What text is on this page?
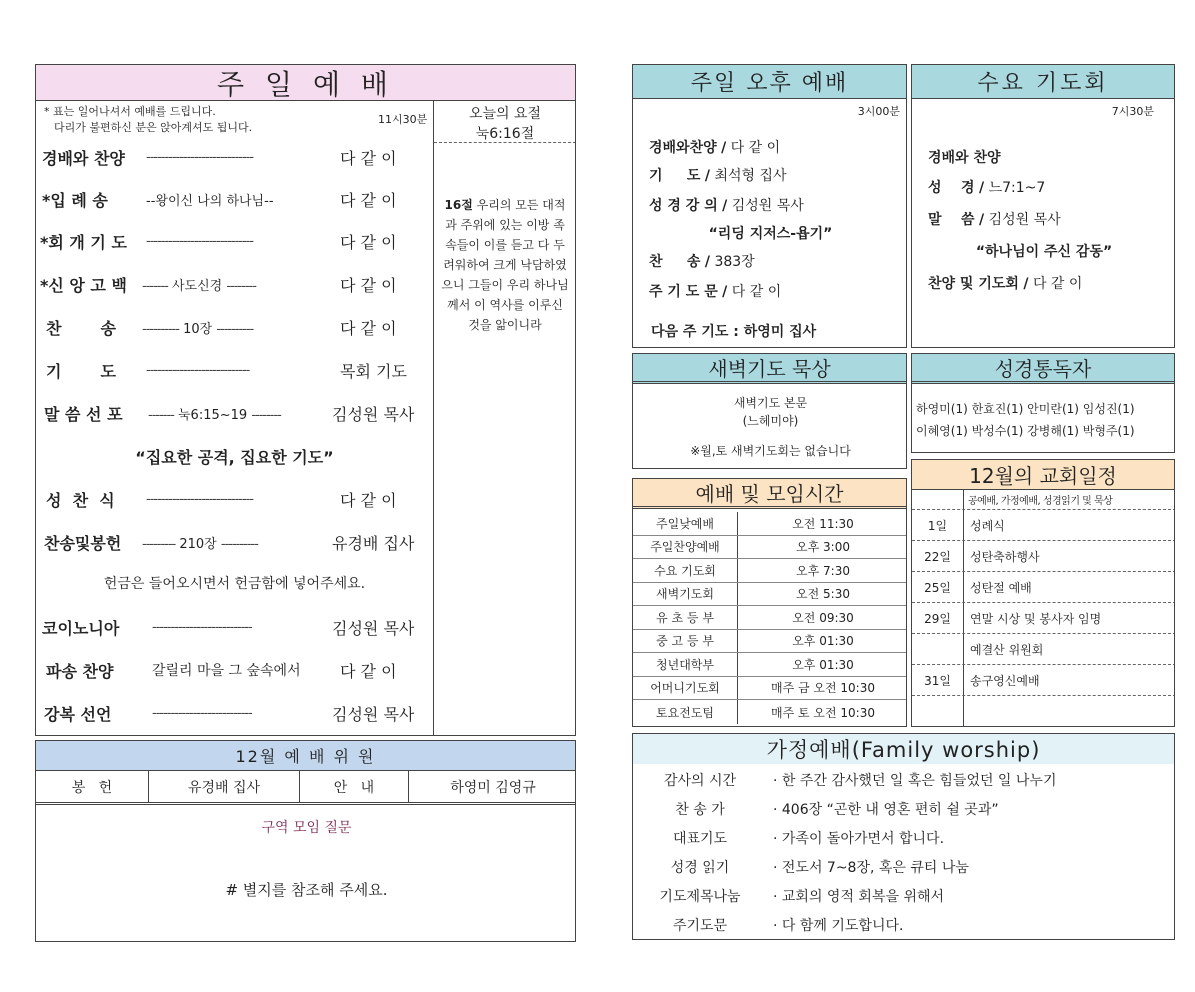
주 일 예 배
* 표는 일어나셔서 예배를 드립니다.
다리가 불편하신 분은 앉아계셔도 됩니다.
11시30분	오늘의 요절
눅6:16절
16절 우리의 모든 대적과 주위에 있는 이방 족속들이 이를 듣고 다 두려워하여 크게 낙담하였으니 그들이 우리 하나님께서 이 역사를 이루신 것을 앎이니라
경배와 찬양 -----------------------------	다 같 이
*입 례 송	--왕이신 나의 하나님--	다 같 이
*회 개 기 도 -----------------------------	다 같 이
*신 앙 고 백 ------- 사도신경 --------	다 같 이
찬       송 ---------- 10장 ----------	다 같 이
기       도 ----------------------------	목회 기도
말 씀 선 포 ------- 눅6:15~19 --------	김성원 목사
“집요한 공격, 집요한 기도”
성  찬  식 -----------------------------	다 같 이
찬송및봉헌 --------- 210장 ----------	유경배 집사
헌금은 들어오시면서 헌금함에 넣어주세요.
코이노니아	---------------------------	김성원 목사
파송 찬양	갈릴리 마을 그 숲속에서 다 같 이
강복 선언	---------------------------	김성원 목사
12월 예 배 위 원
봉   헌	유경배 집사	안   내	하영미 김영규
구역 모임 질문
# 별지를 참조해 주세요.
주일 오후 예배
3시00분
경배와찬양 / 다 같 이
기     도 / 최석형 집사
성 경 강 의 / 김성원 목사
“리딩 지저스-욥기”
찬     송 / 383장
주 기 도 문 / 다 같 이
다음 주 기도 : 하영미 집사
수요 기도회
7시30분
경배와 찬양
성    경 / 느7:1~7
말    씀 / 김성원 목사
“하나님이 주신 감동”
찬양 및 기도회 / 다 같 이
새벽기도 묵상
새벽기도 본문
(느헤미야)
※월,토 새벽기도회는 없습니다
성경통독자
하영미(1) 한효진(1) 안미란(1) 임성진(1)
이혜영(1) 박성수(1) 강병해(1) 박형주(1)
예배 및 모임시간
주일낮예배	오전 11:30
주일찬양예배	오후 3:00
수요 기도회	오후 7:30
새벽기도회	오전 5:30
유 초 등 부	오전 09:30
중 고 등 부	오후 01:30
청년대학부	오후 01:30
어머니기도회	매주 금 오전 10:30
토요전도팀	매주 토 오전 10:30
12월의 교회일정
공예배, 가정예배, 성경읽기 및 묵상
1일	성례식
22일	성탄축하행사
25일	성탄절 예배
29일	연말 시상 및 봉사자 임명
예결산 위원회
31일	송구영신예배
가정예배(Family worship)
감사의 시간	· 한 주간 감사했던 일 혹은 힘들었던 일 나누기
찬 송 가	· 406장 “곤한 내 영혼 편히 쉴 곳과”
대표기도	· 가족이 돌아가면서 합니다.
성경 읽기	· 전도서 7~8장, 혹은 큐티 나눔
기도제목나눔	· 교회의 영적 회복을 위해서
주기도문	· 다 함께 기도합니다.
